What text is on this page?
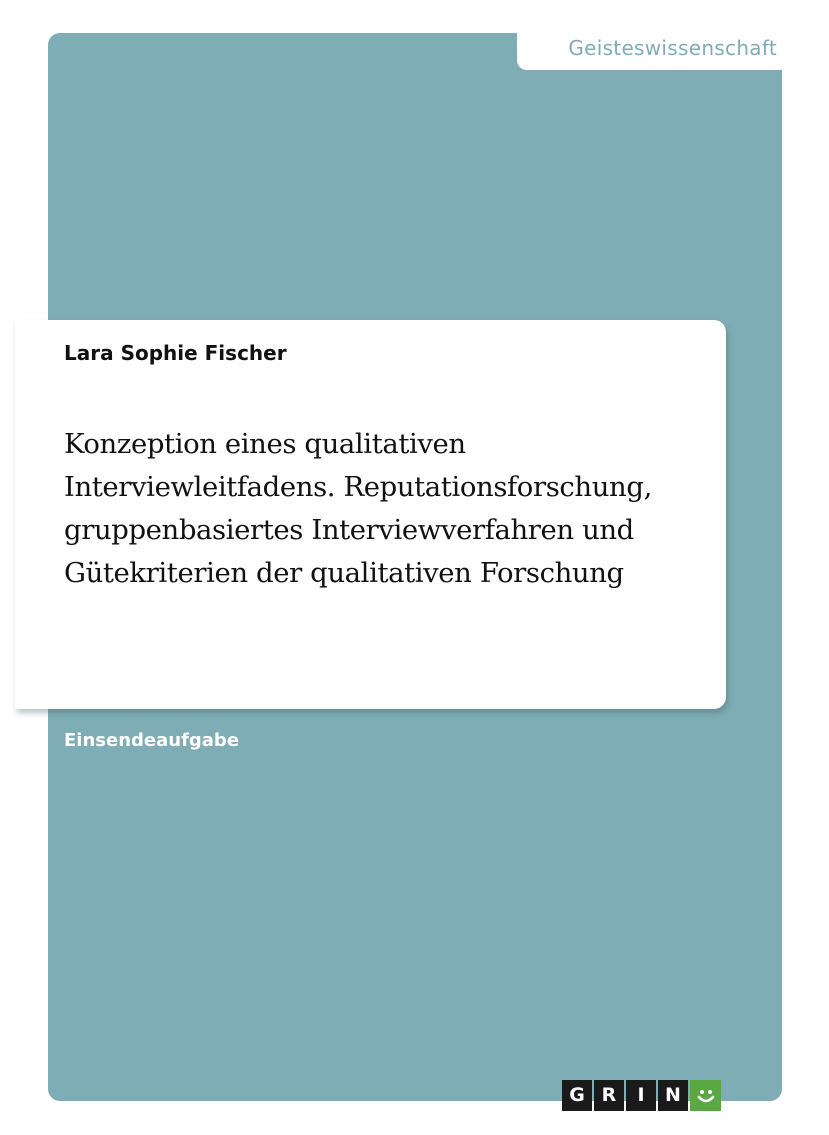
Geisteswissenschaft
Lara Sophie Fischer
Konzeption eines qualitativen Interviewleitfadens. Reputationsforschung, gruppenbasiertes Interviewverfahren und Gütekriterien der qualitativen Forschung
Einsendeaufgabe
G R	I	N
